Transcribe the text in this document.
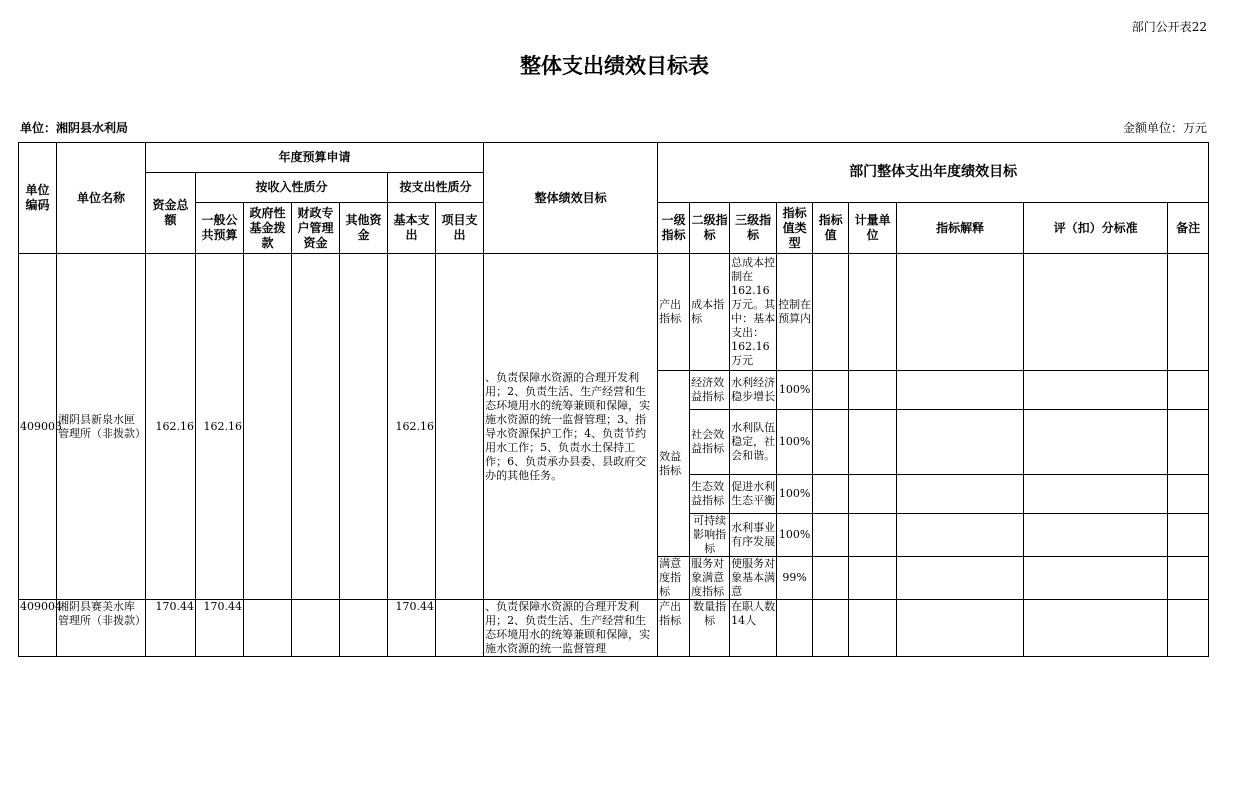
部门公开表22
整体支出绩效目标表
单位：湘阴县水利局	金额单位：万元
单位编码	单位名称	年度预算申请							整体绩效目标	部门整体支出年度绩效目标								
		资金总额	按收入性质分				按支出性质分											
			一般公共预算	政府性基金拨款	财政专户管理资金	其他资金	基本支出	项目支出		一级指标	二级指标	三级指标	指标值类型	指标值	计量单位	指标解释	评（扣）分标准	备注
409003	湘阴县新泉水匣管理所（非拨款）	162.16	162.16				162.16		、负责保障水资源的合理开发利用；2、负责生活、生产经营和生态环境用水的统筹兼顾和保障，实施水资源的统一监督管理；3、指导水资源保护工作；4、负责节约用水工作；5、负责水土保持工作；6、负责承办县委、县政府交办的其他任务。	产出指标	成本指标	总成本控制在162.16万元。其中：基本支出：162.16万元	控制在预算内					
										效益指标	经济效益指标	水利经济稳步增长	100%					
											社会效益指标	水利队伍稳定，社会和谐。	100%					
											生态效益指标	促进水利生态平衡	100%					
											可持续影响指标	水利事业有序发展	100%					
										满意度指标	服务对象满意度指标	使服务对象基本满意	99%					
409004	湘阴县赛美水库管理所（非拨款）	170.44	170.44				170.44		、负责保障水资源的合理开发利用；2、负责生活、生产经营和生态环境用水的统筹兼顾和保障，实施水资源的统一监督管理	产出指标	数量指标	在职人数14人						
